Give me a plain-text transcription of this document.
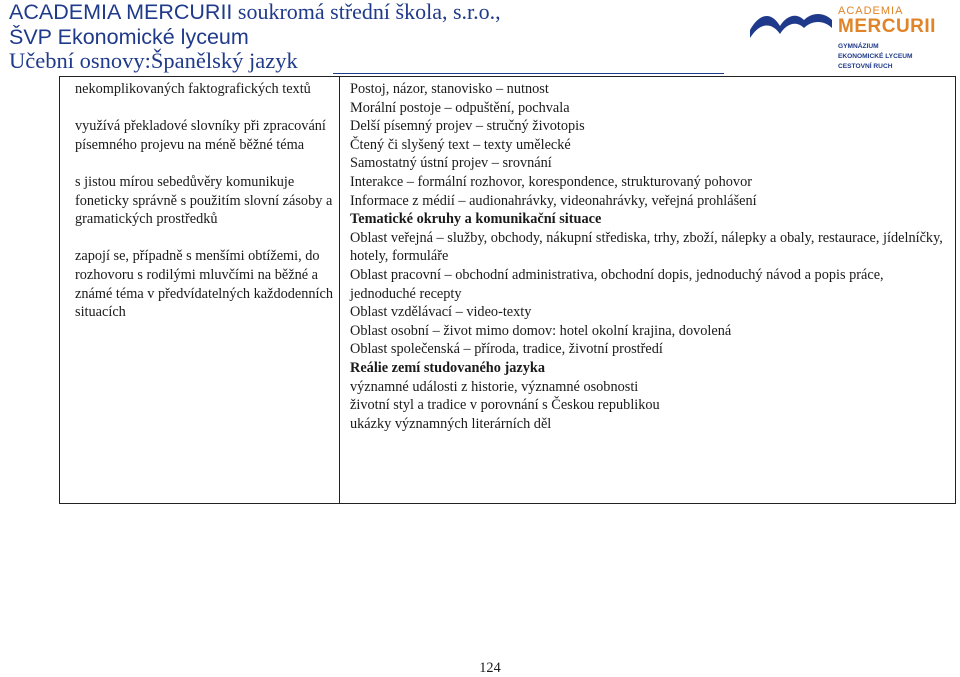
ACADEMIA MERCURII soukromá střední škola, s.r.o.,
ŠVP Ekonomické lyceum
Učební osnovy:Španělský jazyk
ACADEMIA
MERCURII
GYMNÁZIUM
EKONOMICKÉ LYCEUM
CESTOVNÍ RUCH

nekomplikovaných faktografických textů

využívá překladové slovníky při zpracování písemného projevu na méně běžné téma

s jistou mírou sebedůvěry komunikuje foneticky správně s použitím slovní zásoby a gramatických prostředků

zapojí se, případně s menšími obtížemi, do rozhovoru s rodilými mluvčími na běžné a známé téma v předvídatelných každodenních situacích

Postoj, názor, stanovisko – nutnost
Morální postoje – odpuštění, pochvala
Delší písemný projev – stručný životopis
Čtený či slyšený text – texty umělecké
Samostatný ústní projev – srovnání
Interakce – formální rozhovor, korespondence, strukturovaný pohovor
Informace z médií – audionahrávky, videonahrávky, veřejná prohlášení
Tematické okruhy a komunikační situace
Oblast veřejná – služby, obchody, nákupní střediska, trhy, zboží, nálepky a obaly, restaurace, jídelníčky, hotely, formuláře
Oblast pracovní – obchodní administrativa, obchodní dopis, jednoduchý návod a popis práce, jednoduché recepty
Oblast vzdělávací – video-texty
Oblast osobní – život mimo domov: hotel okolní krajina, dovolená
Oblast společenská – příroda, tradice, životní prostředí
Reálie zemí studovaného jazyka
významné události z historie, významné osobnosti
životní styl a tradice v porovnání s Českou republikou
ukázky významných literárních děl
124
